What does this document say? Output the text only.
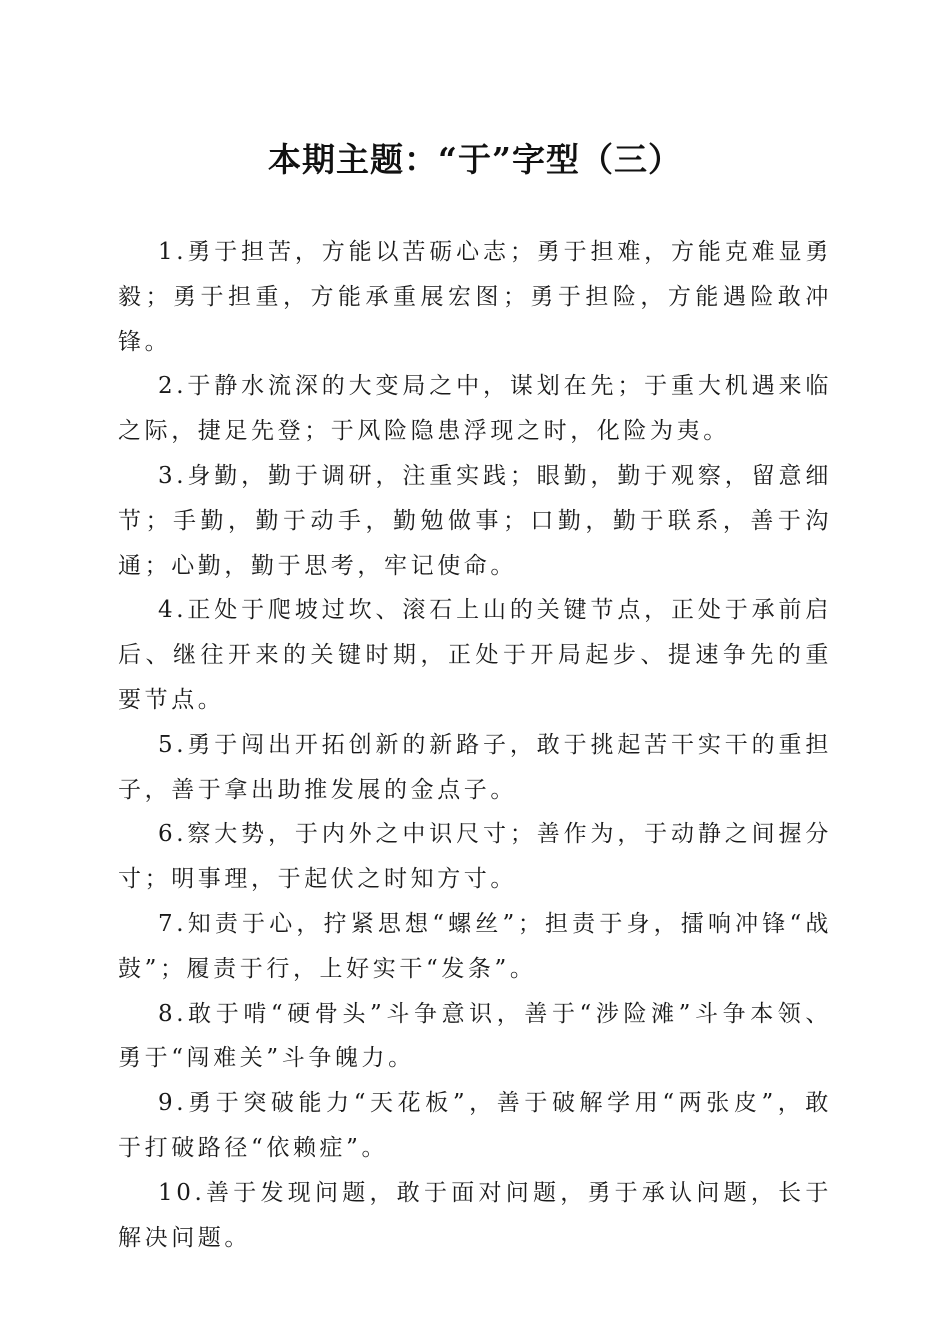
本期主题：“于”字型（三）

1.勇于担苦，方能以苦砺心志；勇于担难，方能克难显勇毅；勇于担重，方能承重展宏图；勇于担险，方能遇险敢冲锋。

2.于静水流深的大变局之中，谋划在先；于重大机遇来临之际，捷足先登；于风险隐患浮现之时，化险为夷。

3.身勤，勤于调研，注重实践；眼勤，勤于观察，留意细节；手勤，勤于动手，勤勉做事；口勤，勤于联系，善于沟通；心勤，勤于思考，牢记使命。

4.正处于爬坡过坎、滚石上山的关键节点，正处于承前启后、继往开来的关键时期，正处于开局起步、提速争先的重要节点。

5.勇于闯出开拓创新的新路子，敢于挑起苦干实干的重担子，善于拿出助推发展的金点子。

6.察大势，于内外之中识尺寸；善作为，于动静之间握分寸；明事理，于起伏之时知方寸。

7.知责于心，拧紧思想“螺丝”；担责于身，擂响冲锋“战鼓”；履责于行，上好实干“发条”。

8.敢于啃“硬骨头”斗争意识，善于“涉险滩”斗争本领、勇于“闯难关”斗争魄力。

9.勇于突破能力“天花板”，善于破解学用“两张皮”，敢于打破路径“依赖症”。

10.善于发现问题，敢于面对问题，勇于承认问题，长于解决问题。
